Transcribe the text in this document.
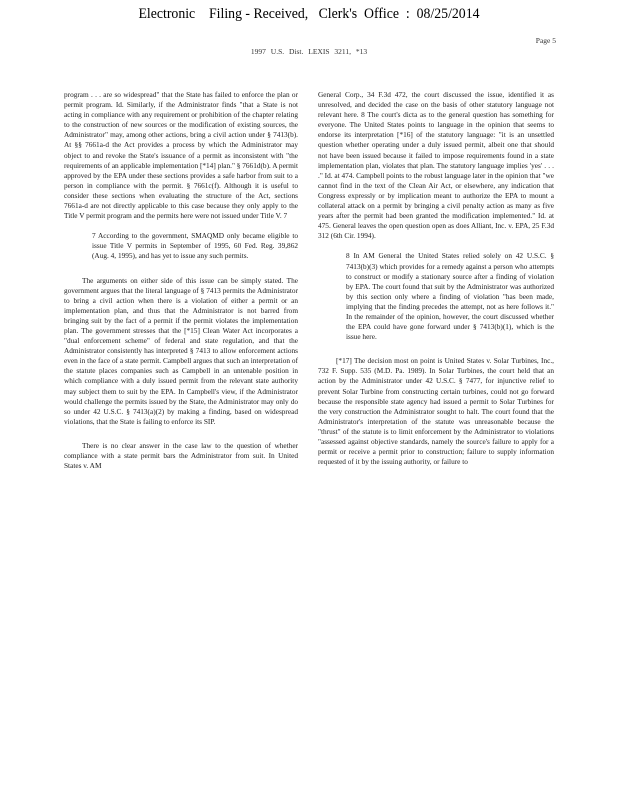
Electronic    Filing - Received,   Clerk's  Office  :  08/25/2014
Page 5
1997 U.S. Dist. LEXIS 3211, *13

program . . . are so widespread" that the State has failed to enforce the plan or permit program. Id. Similarly, if the Administrator finds "that a State is not acting in compliance with any requirement or prohibition of the chapter relating to the construction of new sources or the modification of existing sources, the Administrator" may, among other actions, bring a civil action under § 7413(b). At §§ 7661a-d the Act provides a process by which the Administrator may object to and revoke the State's issuance of a permit as inconsistent with "the requirements of an applicable implementation [*14] plan." § 7661d(b). A permit approved by the EPA under these sections provides a safe harbor from suit to a person in compliance with the permit. § 7661c(f). Although it is useful to consider these sections when evaluating the structure of the Act, sections 7661a-d are not directly applicable to this case because they only apply to the Title V permit program and the permits here were not issued under Title V. 7

7 According to the government, SMAQMD only became eligible to issue Title V permits in September of 1995, 60 Fed. Reg. 39,862 (Aug. 4, 1995), and has yet to issue any such permits.

The arguments on either side of this issue can be simply stated. The government argues that the literal language of § 7413 permits the Administrator to bring a civil action when there is a violation of either a permit or an implementation plan, and thus that the Administrator is not barred from bringing suit by the fact of a permit if the permit violates the implementation plan. The government stresses that the [*15] Clean Water Act incorporates a "dual enforcement scheme" of federal and state regulation, and that the Administrator consistently has interpreted § 7413 to allow enforcement actions even in the face of a state permit. Campbell argues that such an interpretation of the statute places companies such as Campbell in an untenable position in which compliance with a duly issued permit from the relevant state authority may subject them to suit by the EPA. In Campbell's view, if the Administrator would challenge the permits issued by the State, the Administrator may only do so under 42 U.S.C. § 7413(a)(2) by making a finding, based on widespread violations, that the State is failing to enforce its SIP.

There is no clear answer in the case law to the question of whether compliance with a state permit bars the Administrator from suit. In United States v. AM

General Corp., 34 F.3d 472, the court discussed the issue, identified it as unresolved, and decided the case on the basis of other statutory language not relevant here. 8 The court's dicta as to the general question has something for everyone. The United States points to language in the opinion that seems to endorse its interpretation [*16] of the statutory language: "it is an unsettled question whether operating under a duly issued permit, albeit one that should not have been issued because it failed to impose requirements found in a state implementation plan, violates that plan. The statutory language implies 'yes' . . . ." Id. at 474. Campbell points to the robust language later in the opinion that "we cannot find in the text of the Clean Air Act, or elsewhere, any indication that Congress expressly or by implication meant to authorize the EPA to mount a collateral attack on a permit by bringing a civil penalty action as many as five years after the permit had been granted the modification implemented." Id. at 475. General leaves the open question open as does Alliant, Inc. v. EPA, 25 F.3d 312 (6th Cir. 1994).

8 In AM General the United States relied solely on 42 U.S.C. § 7413(b)(3) which provides for a remedy against a person who attempts to construct or modify a stationary source after a finding of violation by EPA. The court found that suit by the Administrator was authorized by this section only where a finding of violation "has been made, implying that the finding precedes the attempt, not as here follows it." In the remainder of the opinion, however, the court discussed whether the EPA could have gone forward under § 7413(b)(1), which is the issue here.

[*17] The decision most on point is United States v. Solar Turbines, Inc., 732 F. Supp. 535 (M.D. Pa. 1989). In Solar Turbines, the court held that an action by the Administrator under 42 U.S.C. § 7477, for injunctive relief to prevent Solar Turbine from constructing certain turbines, could not go forward because the responsible state agency had issued a permit to Solar Turbines for the very construction the Administrator sought to halt. The court found that the Administrator's interpretation of the statute was unreasonable because the "thrust" of the statute is to limit enforcement by the Administrator to violations "assessed against objective standards, namely the source's failure to apply for a permit or receive a permit prior to construction; failure to supply information requested of it by the issuing authority, or failure to
